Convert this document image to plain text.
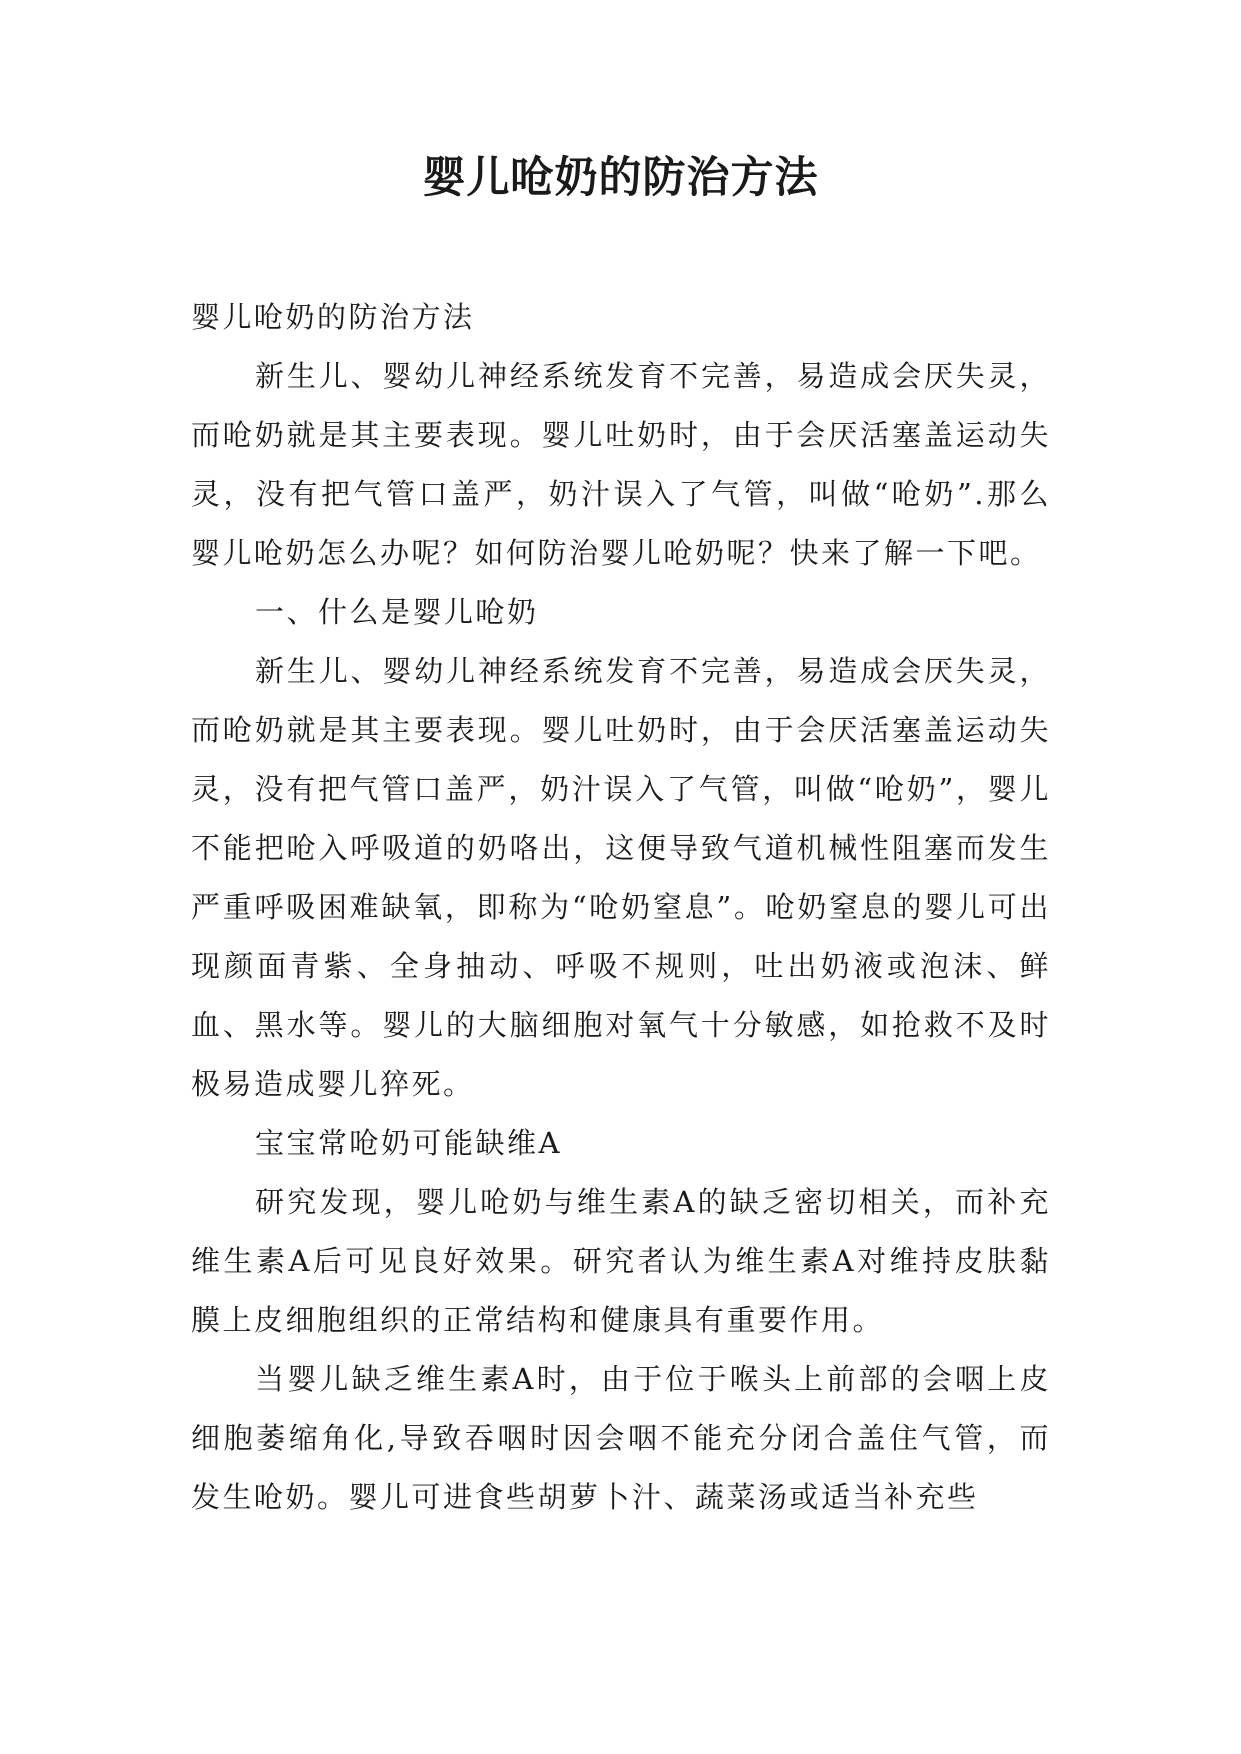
婴儿呛奶的防治方法

婴儿呛奶的防治方法

新生儿、婴幼儿神经系统发育不完善，易造成会厌失灵，而呛奶就是其主要表现。婴儿吐奶时，由于会厌活塞盖运动失灵，没有把气管口盖严，奶汁误入了气管，叫做“呛奶”.那么婴儿呛奶怎么办呢？如何防治婴儿呛奶呢？快来了解一下吧。

一、什么是婴儿呛奶

新生儿、婴幼儿神经系统发育不完善，易造成会厌失灵，而呛奶就是其主要表现。婴儿吐奶时，由于会厌活塞盖运动失灵，没有把气管口盖严，奶汁误入了气管，叫做“呛奶”，婴儿不能把呛入呼吸道的奶咯出，这便导致气道机械性阻塞而发生严重呼吸困难缺氧，即称为“呛奶窒息”。呛奶窒息的婴儿可出现颜面青紫、全身抽动、呼吸不规则，吐出奶液或泡沫、鲜血、黑水等。婴儿的大脑细胞对氧气十分敏感，如抢救不及时极易造成婴儿猝死。

宝宝常呛奶可能缺维A

研究发现，婴儿呛奶与维生素A的缺乏密切相关，而补充维生素A后可见良好效果。研究者认为维生素A对维持皮肤黏膜上皮细胞组织的正常结构和健康具有重要作用。

当婴儿缺乏维生素A时，由于位于喉头上前部的会咽上皮细胞萎缩角化,导致吞咽时因会咽不能充分闭合盖住气管，而发生呛奶。婴儿可进食些胡萝卜汁、蔬菜汤或适当补充些
